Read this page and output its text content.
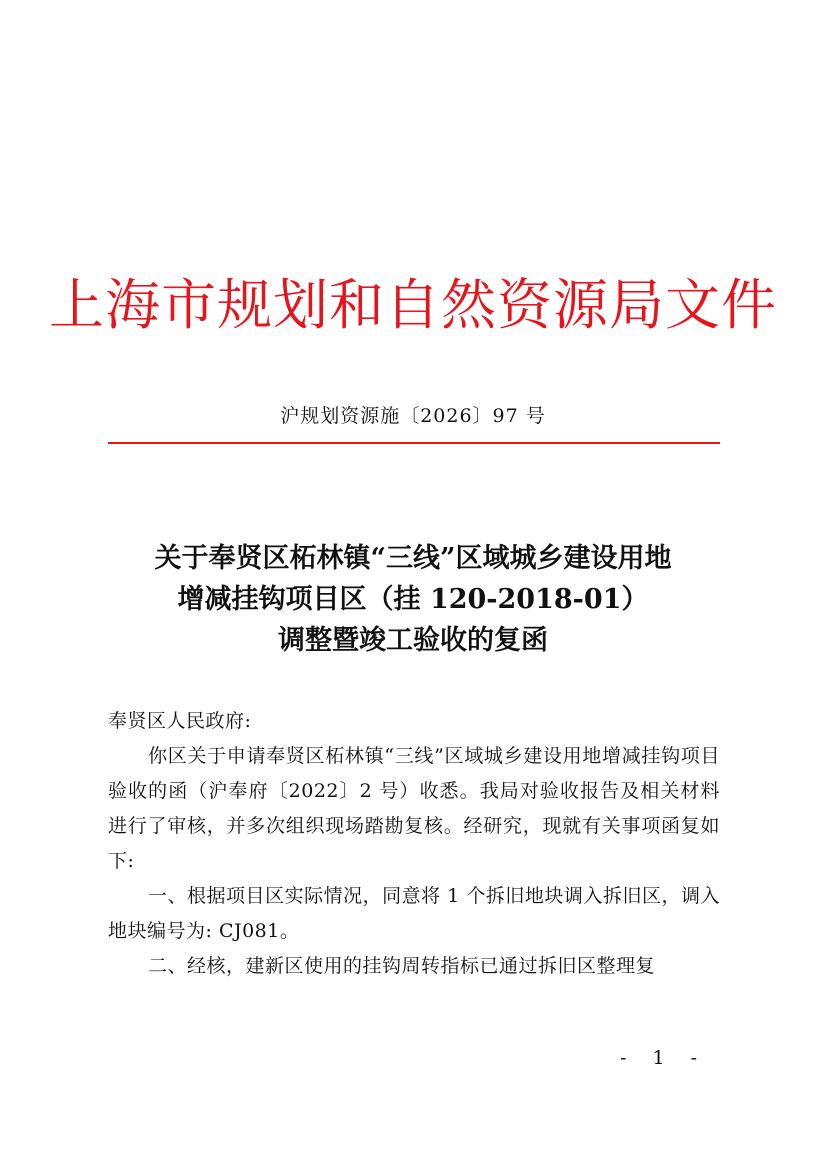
上海市规划和自然资源局文件
沪规划资源施〔2026〕97 号
关于奉贤区柘林镇“三线”区域城乡建设用地
增减挂钩项目区（挂 120-2018-01）
调整暨竣工验收的复函

奉贤区人民政府:

你区关于申请奉贤区柘林镇“三线”区域城乡建设用地增减挂钩项目验收的函（沪奉府〔2022〕2 号）收悉。我局对验收报告及相关材料进行了审核，并多次组织现场踏勘复核。经研究，现就有关事项函复如下:

一、根据项目区实际情况，同意将 1 个拆旧地块调入拆旧区，调入地块编号为: CJ081。

二、经核，建新区使用的挂钩周转指标已通过拆旧区整理复

- 1 -
